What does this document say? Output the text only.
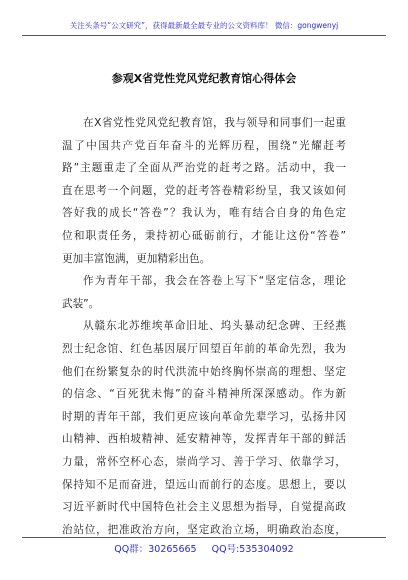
关注头条号“公文研究”，获得最新最全最专业的公文资料库！ 微信：gongwenyj
参观X省党性党风党纪教育馆心得体会

在X省党性党风党纪教育馆，我与领导和同事们一起重
温了中国共产党百年奋斗的光辉历程，围绕“光耀赶考
路”主题重走了全面从严治党的赶考之路。活动中，我一
直在思考一个问题，党的赶考答卷精彩纷呈，我又该如何
答好我的成长“答卷”？我认为，唯有结合自身的角色定
位和职责任务，秉持初心砥砺前行，才能让这份“答卷”
更加丰富饱满，更加精彩出色。

作为青年干部，我会在答卷上写下“坚定信念，理论
武装”。

从赣东北苏维埃革命旧址、坞头暴动纪念碑、王经燕
烈士纪念馆、红色基因展厅回望百年前的革命先烈，我为
他们在纷繁复杂的时代洪流中始终胸怀崇高的理想、坚定
的信念、“百死犹未悔”的奋斗精神所深深感动。作为新
时期的青年干部，我们更应该向革命先辈学习，弘扬井冈
山精神、西柏坡精神、延安精神等，发挥青年干部的鲜活
力量，常怀空杯心态，崇尚学习、善于学习、依靠学习，
保持知不足而奋进，望远山而前行的态度。思想上，要以
习近平新时代中国特色社会主义思想为指导，自觉提高政
治站位，把准政治方向，坚定政治立场，明确政治态度，

QQ群：30265665 QQ号:535304092
